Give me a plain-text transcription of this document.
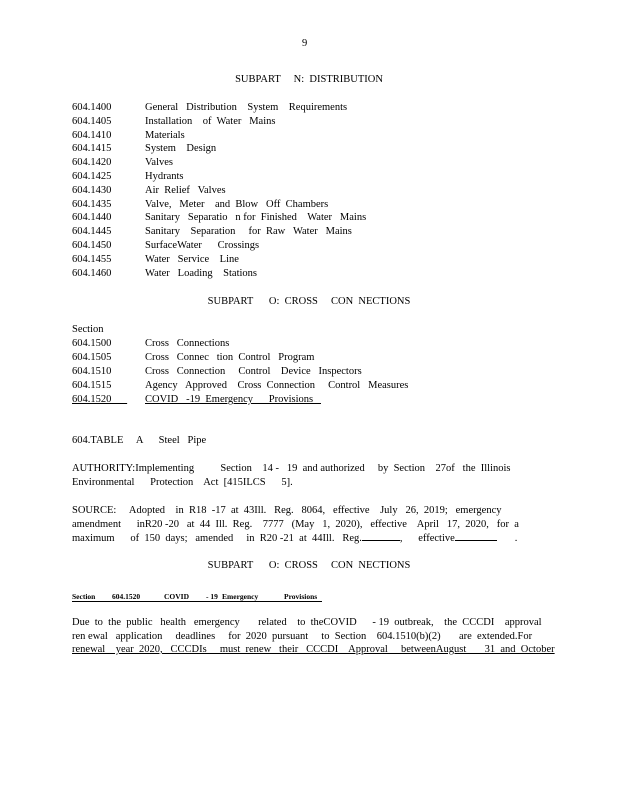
9
SUBPART     N:  DISTRIBUTION
604.1400	General   Distribution    System    Requirements
604.1405	Installation    of  Water   Mains
604.1410	Materials
604.1415	System    Design
604.1420	Valves
604.1425	Hydrants
604.1430	Air  Relief   Valves
604.1435	Valve,   Meter    and  Blow   Off  Chambers
604.1440	Sanitary   Separatio   n for  Finished    Water   Mains
604.1445	Sanitary    Separation     for  Raw   Water   Mains
604.1450	SurfaceWater      Crossings
604.1455	Water   Service    Line
604.1460	Water   Loading    Stations
SUBPART      O:  CROSS     CON  NECTIONS
Section
604.1500	Cross   Connections
604.1505	Cross   Connec   tion  Control   Program
604.1510	Cross   Connection     Control    Device   Inspectors
604.1515	Agency   Approved    Cross  Connection     Control   Measures
604.1520 COVID   -19  Emergency      Provisions
604.TABLE     A      Steel   Pipe
AUTHORITY:Implementing          Section    14 -   19  and authorized     by  Section    27of   the  Illinois
Environmental      Protection    Act  [415ILCS      5].
SOURCE:     Adopted    in  R18  -17  at  43Ill.   Reg.   8064,   effective    July   26,  2019;   emergency
amendment      inR20 -20   at  44  Ill.  Reg.    7777   (May   1,  2020),   effective    April   17,  2020,   for  a
maximum      of  150  days;   amended     in  R20 -21  at  44Ill.   Reg.	,      effective	.
SUBPART      O:  CROSS     CON  NECTIONS
Section 604.1520	COVID - 19 Emergency	Provisions
Due  to  the  public   health   emergency       related    to  theCOVID      - 19  outbreak,    the  CCCDI    approval
ren ewal   application     deadlines     for  2020  pursuant     to  Section    604.1510(b)(2)       are  extended.For
renewal    year  2020,   CCCDIs     must  renew   their   CCCDI    Approval     betweenAugust       31  and  October
